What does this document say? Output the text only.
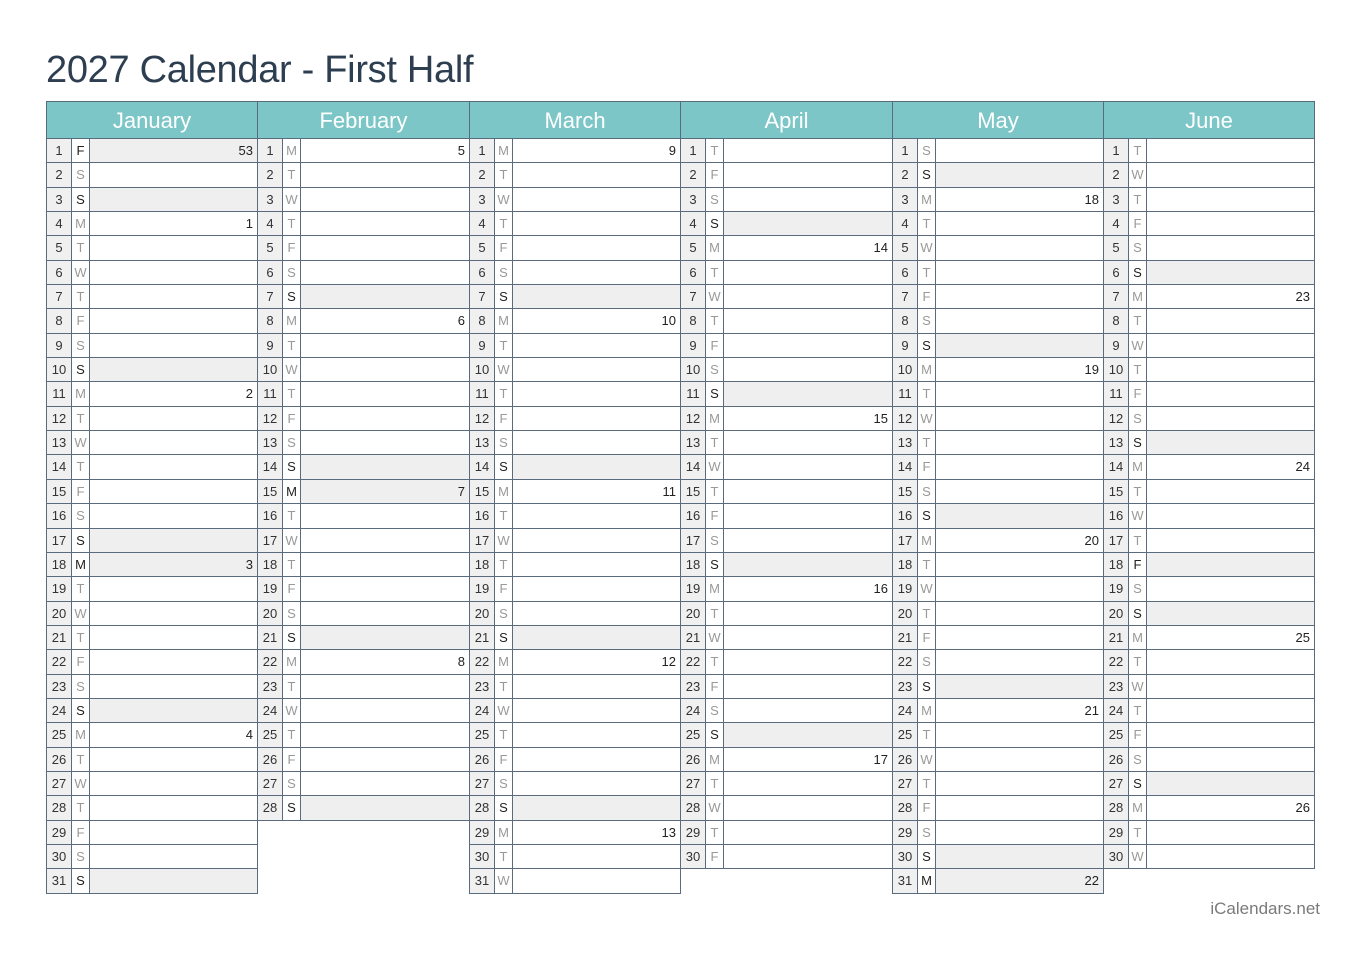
2027 Calendar - First Half
January
1	F	53
2	S
3	S
4 M	1
5	T
6 W
7	T
8	F
9	S
10 S
11 M	2
12 T
13 W
14 T
15 F
16 S
17 S
18 M	3
19 T
20 W
21 T
22 F
23 S
24 S
25 M	4
26 T
27 W
28 T
29 F
30 S
31 S
February
1 M	5
2	T
3 W
4	T
5	F
6	S
7	S
8 M	6
9	T
10 W
11 T
12 F
13 S
14 S
15 M	7
16 T
17 W
18 T
19 F
20 S
21 S
22 M	8
23 T
24 W
25 T
26 F
27 S
28 S
March
1 M	9
2	T
3 W
4	T
5	F
6	S
7	S
8 M	10
9	T
10 W
11 T
12 F
13 S
14 S
15 M	11
16 T
17 W
18 T
19 F
20 S
21 S
22 M	12
23 T
24 W
25 T
26 F
27 S
28 S
29 M	13
30 T
31 W
April
1	T
2	F
3	S
4	S
5 M	14
6	T
7 W
8	T
9	F
10 S
11 S
12 M	15
13 T
14 W
15 T
16 F
17 S
18 S
19 M	16
20 T
21 W
22 T
23 F
24 S
25 S
26 M	17
27 T
28 W
29 T
30 F
May
1	S
2	S
3 M	18
4	T
5 W
6	T
7	F
8	S
9	S
10 M	19
11 T
12 W
13 T
14 F
15 S
16 S
17 M	20
18 T
19 W
20 T
21 F
22 S
23 S
24 M	21
25 T
26 W
27 T
28 F
29 S
30 S
31 M	22
June
1	T
2 W
3	T
4	F
5	S
6	S
7 M	23
8	T
9 W
10 T
11 F
12 S
13 S
14 M	24
15 T
16 W
17 T
18 F
19 S
20 S
21 M	25
22 T
23 W
24 T
25 F
26 S
27 S
28 M	26
29 T
30 W
iCalendars.net
